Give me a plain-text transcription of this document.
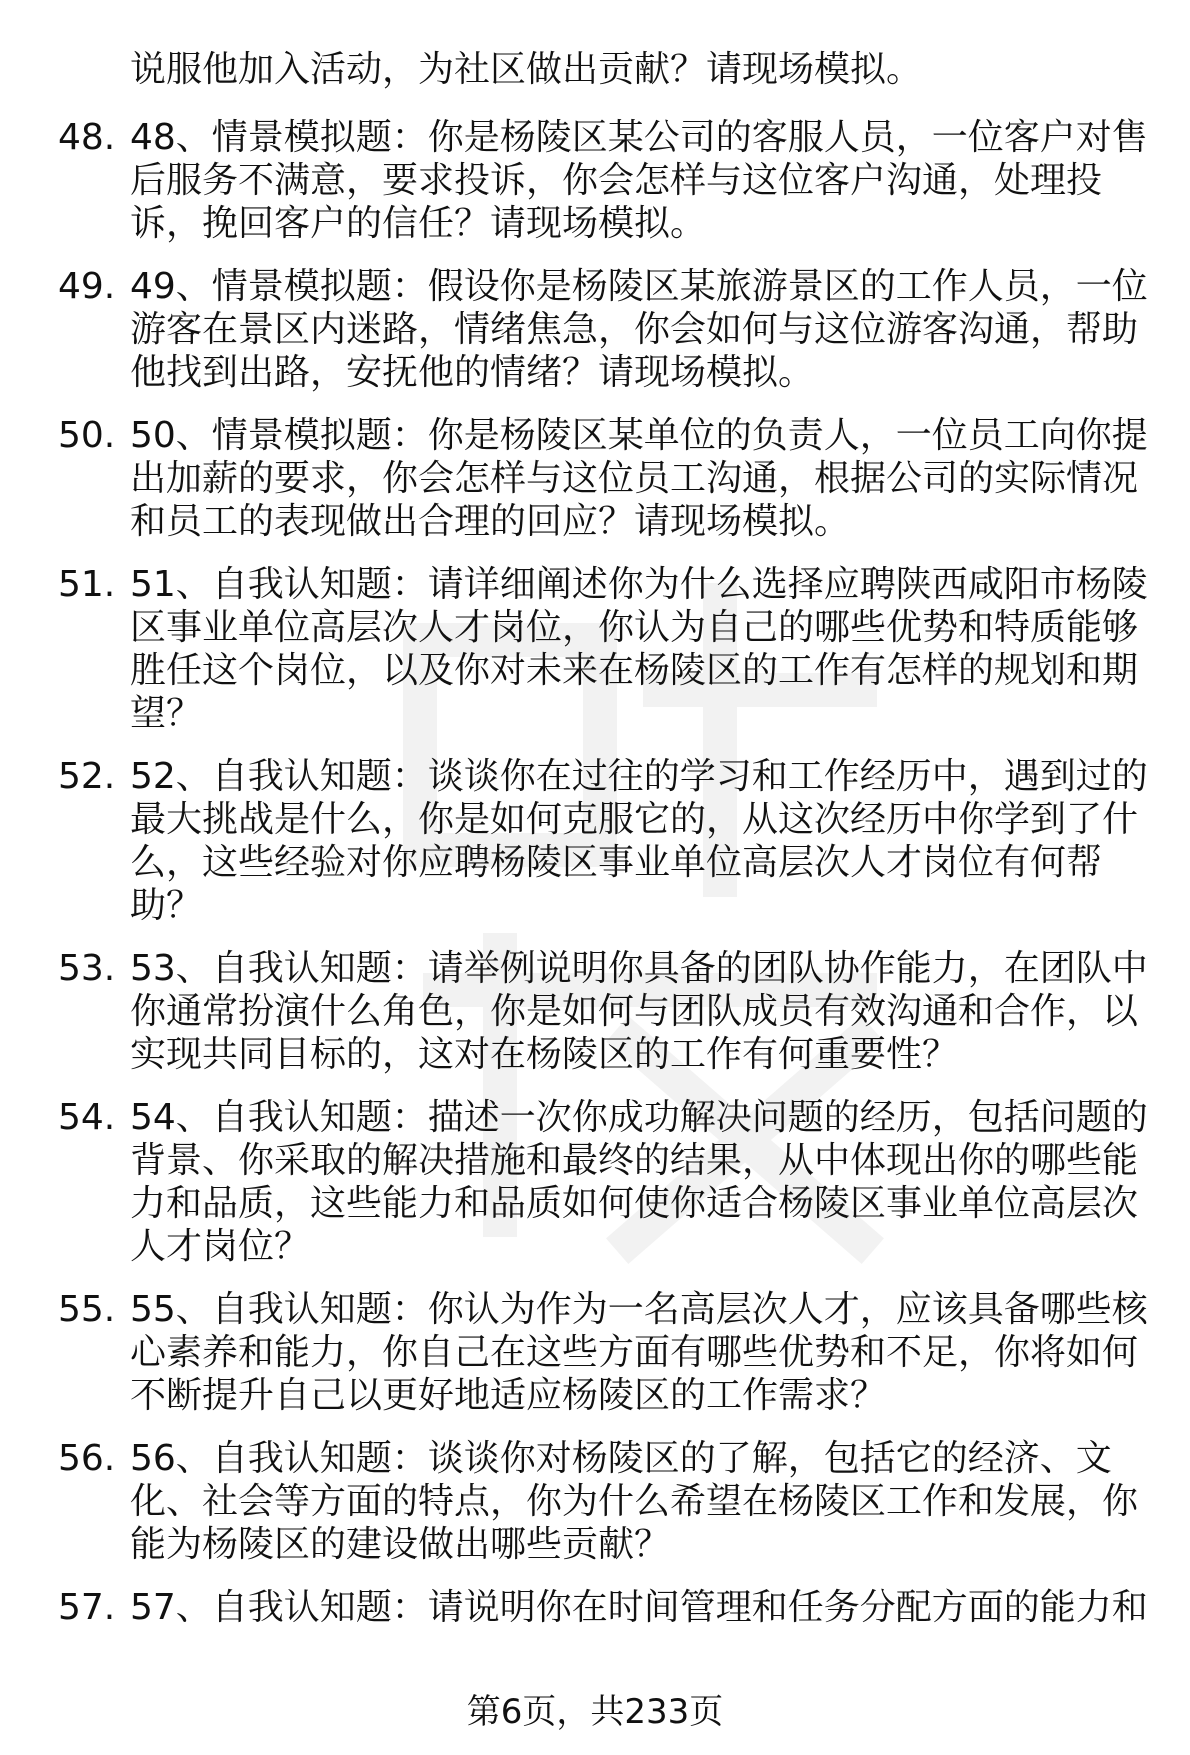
说服他加入活动，为社区做出贡献？请现场模拟。

48. 48、情景模拟题：你是杨陵区某公司的客服人员，一位客户对售后服务不满意，要求投诉，你会怎样与这位客户沟通，处理投诉，挽回客户的信任？请现场模拟。
49. 49、情景模拟题：假设你是杨陵区某旅游景区的工作人员，一位游客在景区内迷路，情绪焦急，你会如何与这位游客沟通，帮助他找到出路，安抚他的情绪？请现场模拟。
50. 50、情景模拟题：你是杨陵区某单位的负责人，一位员工向你提出加薪的要求，你会怎样与这位员工沟通，根据公司的实际情况和员工的表现做出合理的回应？请现场模拟。
51. 51、自我认知题：请详细阐述你为什么选择应聘陕西咸阳市杨陵区事业单位高层次人才岗位，你认为自己的哪些优势和特质能够胜任这个岗位，以及你对未来在杨陵区的工作有怎样的规划和期望？
52. 52、自我认知题：谈谈你在过往的学习和工作经历中，遇到过的最大挑战是什么，你是如何克服它的，从这次经历中你学到了什么，这些经验对你应聘杨陵区事业单位高层次人才岗位有何帮助？
53. 53、自我认知题：请举例说明你具备的团队协作能力，在团队中你通常扮演什么角色，你是如何与团队成员有效沟通和合作，以实现共同目标的，这对在杨陵区的工作有何重要性？
54. 54、自我认知题：描述一次你成功解决问题的经历，包括问题的背景、你采取的解决措施和最终的结果，从中体现出你的哪些能力和品质，这些能力和品质如何使你适合杨陵区事业单位高层次人才岗位？
55. 55、自我认知题：你认为作为一名高层次人才，应该具备哪些核心素养和能力，你自己在这些方面有哪些优势和不足，你将如何不断提升自己以更好地适应杨陵区的工作需求？
56. 56、自我认知题：谈谈你对杨陵区的了解，包括它的经济、文化、社会等方面的特点，你为什么希望在杨陵区工作和发展，你能为杨陵区的建设做出哪些贡献？
57. 57、自我认知题：请说明你在时间管理和任务分配方面的能力和
第6页，共233页
